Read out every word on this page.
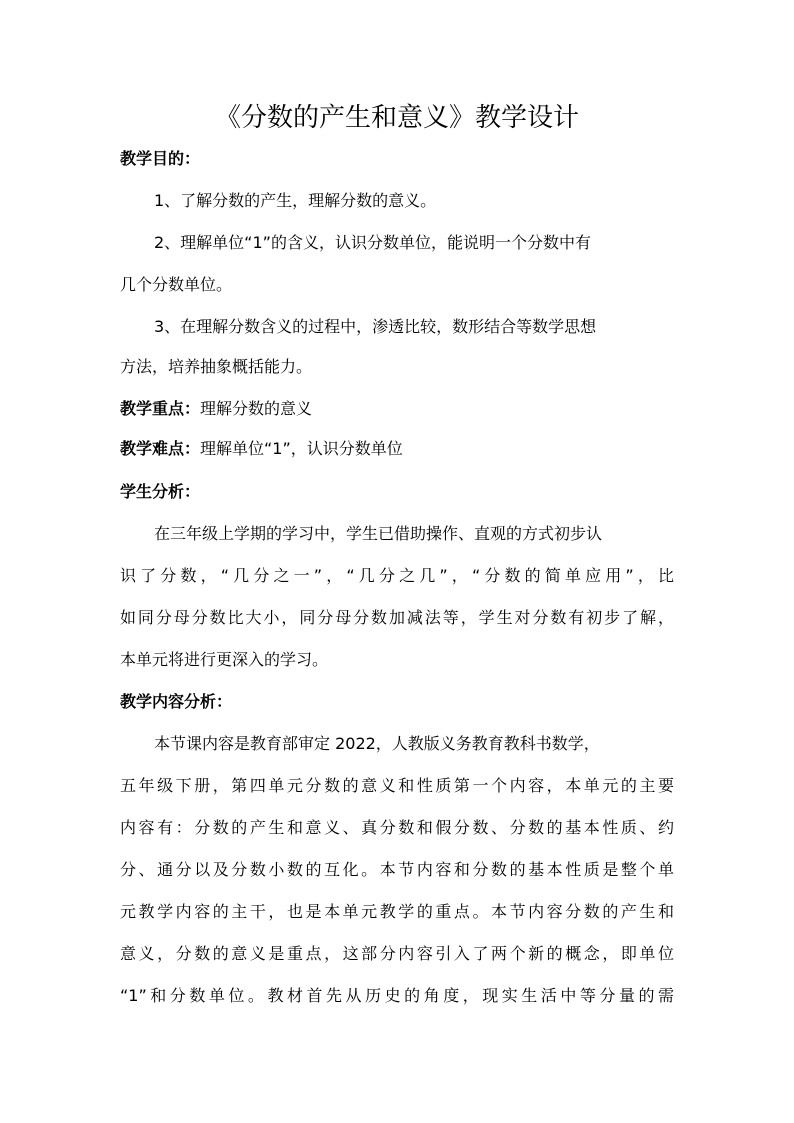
《分数的产生和意义》教学设计
教学目的：
1、了解分数的产生，理解分数的意义。
2、理解单位“1”的含义，认识分数单位，能说明一个分数中有
几个分数单位。
3、在理解分数含义的过程中，渗透比较，数形结合等数学思想
方法，培养抽象概括能力。
教学重点：理解分数的意义
教学难点：理解单位“1”，认识分数单位
学生分析：
在三年级上学期的学习中，学生已借助操作、直观的方式初步认
识了分数，“几分之一”，“几分之几”，“分数的简单应用”，比
如同分母分数比大小，同分母分数加减法等，学生对分数有初步了解，
本单元将进行更深入的学习。
教学内容分析：
本节课内容是教育部审定 2022，人教版义务教育教科书数学，
五年级下册，第四单元分数的意义和性质第一个内容，本单元的主要
内容有：分数的产生和意义、真分数和假分数、分数的基本性质、约
分、通分以及分数小数的互化。本节内容和分数的基本性质是整个单
元教学内容的主干，也是本单元教学的重点。本节内容分数的产生和
意义，分数的意义是重点，这部分内容引入了两个新的概念，即单位
“1”和分数单位。教材首先从历史的角度，现实生活中等分量的需
